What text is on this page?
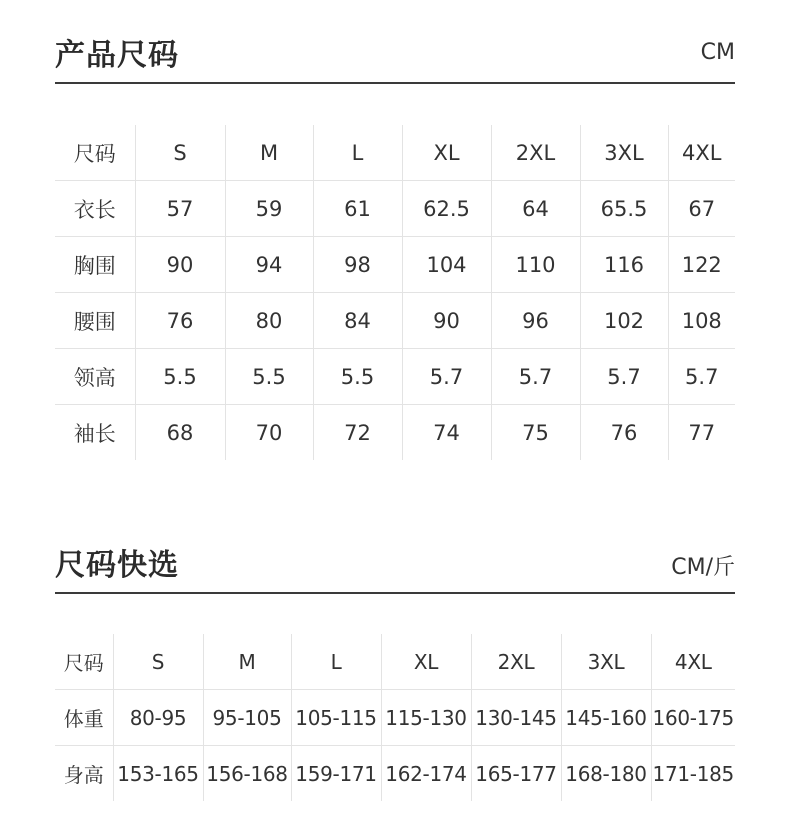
产品尺码	CM
尺码	S	M	L	XL	2XL	3XL	4XL
衣长	57	59	61	62.5	64	65.5	67
胸围	90	94	98	104	110	116	122
腰围	76	80	84	90	96	102	108
领高	5.5	5.5	5.5	5.7	5.7	5.7	5.7
袖长	68	70	72	74	75	76	77
尺码快选	CM/斤
尺码	S	M	L	XL	2XL	3XL	4XL
体重	80-95	95-105	105-115	115-130	130-145	145-160	160-175
身高	153-165	156-168	159-171	162-174	165-177	168-180	171-185
